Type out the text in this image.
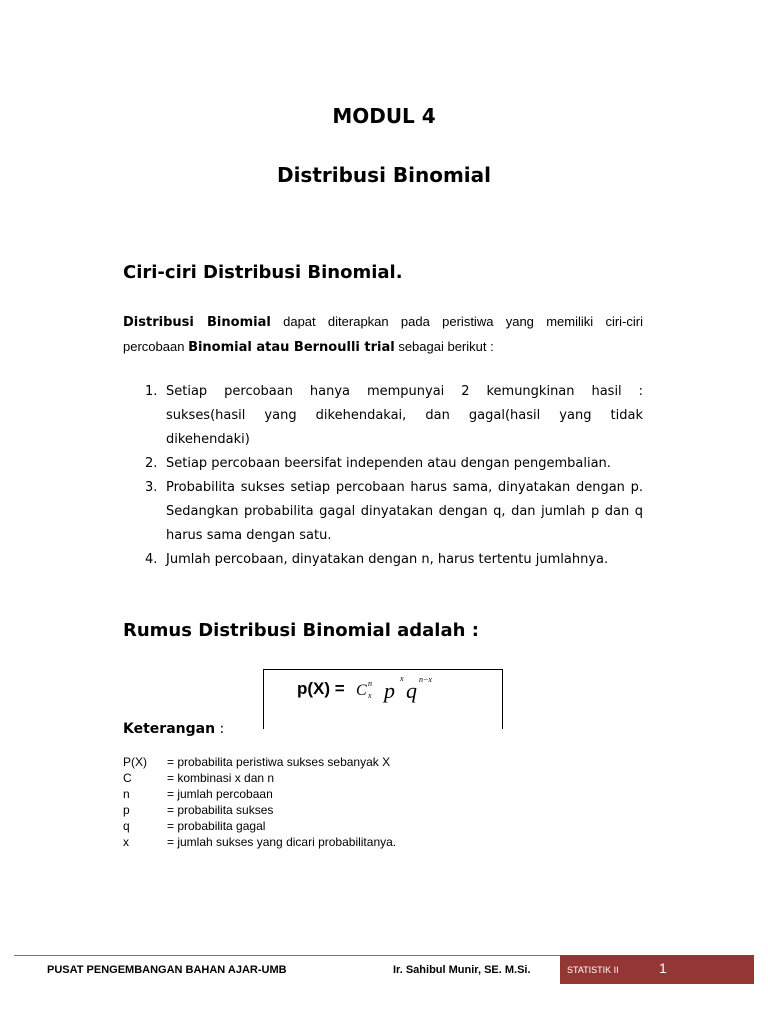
MODUL 4
Distribusi Binomial
Ciri-ciri Distribusi Binomial.
Distribusi Binomial dapat diterapkan pada peristiwa yang memiliki ciri-ciri
percobaan Binomial atau Bernoulli trial sebagai berikut :
1. Setiap percobaan hanya mempunyai 2 kemungkinan hasil :
sukses(hasil yang dikehendakai, dan gagal(hasil yang tidak
dikehendaki)
2. Setiap percobaan beersifat independen atau dengan pengembalian.
3. Probabilita sukses setiap percobaan harus sama, dinyatakan dengan p.
Sedangkan probabilita gagal dinyatakan dengan q, dan jumlah p dan q
harus sama dengan satu.
4. Jumlah percobaan, dinyatakan dengan n, harus tertentu jumlahnya.
Rumus Distribusi Binomial adalah :
p(X) = C n
x p x q n−x
Keterangan :
P(X) = probabilita peristiwa sukses sebanyak X
C	= kombinasi x dan n
n	= jumlah percobaan
p	= probabilita sukses
q	= probabilita gagal
x	= jumlah sukses yang dicari probabilitanya.
PUSAT PENGEMBANGAN BAHAN AJAR-UMB	Ir. Sahibul Munir, SE. M.Si.	STATISTIK II	1
